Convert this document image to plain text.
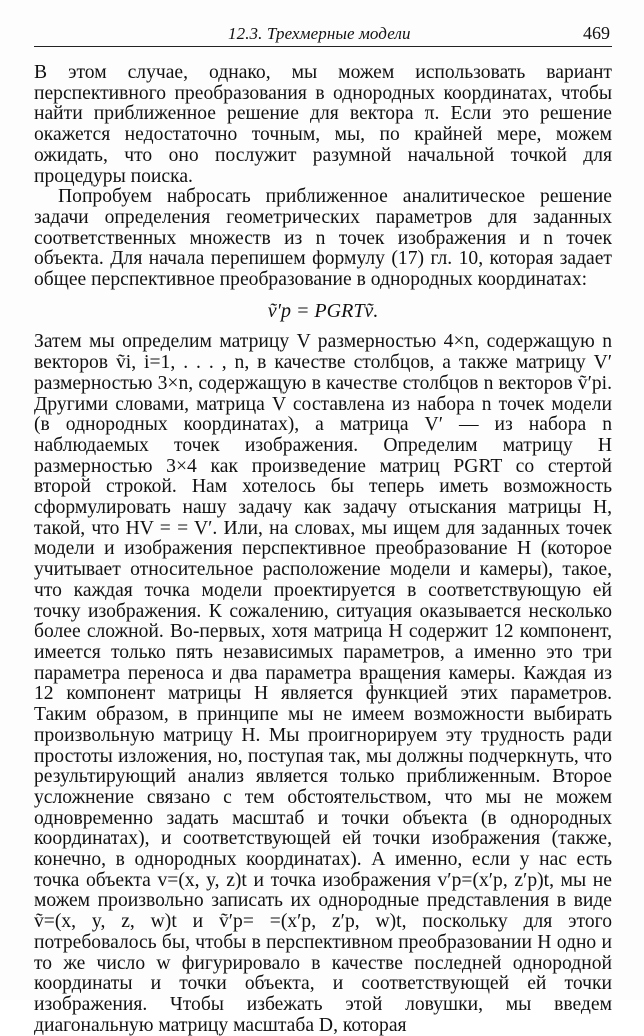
12.3. Трехмерные модели	469

В этом случае, однако, мы можем использовать вариант перспективного преобразования в однородных координатах, чтобы найти приближенное решение для вектора π. Если это решение окажется недостаточно точным, мы, по крайней мере, можем ожидать, что оно послужит разумной начальной точкой для процедуры поиска.

Попробуем набросать приближенное аналитическое решение задачи определения геометрических параметров для заданных соответственных множеств из n точек изображения и n точек объекта. Для начала перепишем формулу (17) гл. 10, которая задает общее перспективное преобразование в однородных координатах:

ṽ′p = PGRTṽ.

Затем мы определим матрицу V размерностью 4×n, содержащую n векторов ṽi, i=1, . . . , n, в качестве столбцов, а также матрицу V′ размерностью 3×n, содержащую в качестве столбцов n векторов ṽ′pi. Другими словами, матрица V составлена из набора n точек модели (в однородных координатах), а матрица V′ — из набора n наблюдаемых точек изображения. Определим матрицу H размерностью 3×4 как произведение матриц PGRT со стертой второй строкой. Нам хотелось бы теперь иметь возможность сформулировать нашу задачу как задачу отыскания матрицы H, такой, что HV = = V′. Или, на словах, мы ищем для заданных точек модели и изображения перспективное преобразование H (которое учитывает относительное расположение модели и камеры), такое, что каждая точка модели проектируется в соответствующую ей точку изображения. К сожалению, ситуация оказывается несколько более сложной. Во-первых, хотя матрица H содержит 12 компонент, имеется только пять независимых параметров, а именно это три параметра переноса и два параметра вращения камеры. Каждая из 12 компонент матрицы H является функцией этих параметров. Таким образом, в принципе мы не имеем возможности выбирать произвольную матрицу H. Мы проигнорируем эту трудность ради простоты изложения, но, поступая так, мы должны подчеркнуть, что результирующий анализ является только приближенным. Второе усложнение связано с тем обстоятельством, что мы не можем одновременно задать масштаб и точки объекта (в однородных координатах), и соответствующей ей точки изображения (также, конечно, в однородных координатах). А именно, если у нас есть точка объекта v=(x, y, z)t и точка изображения v′p=(x′p, z′p)t, мы не можем произвольно записать их однородные представления в виде ṽ=(x, y, z, w)t и ṽ′p= =(x′p, z′p, w)t, поскольку для этого потребовалось бы, чтобы в перспективном преобразовании H одно и то же число w фигурировало в качестве последней однородной координаты и точки объекта, и соответствующей ей точки изображения. Чтобы избежать этой ловушки, мы введем диагональную матрицу масштаба D, которая
